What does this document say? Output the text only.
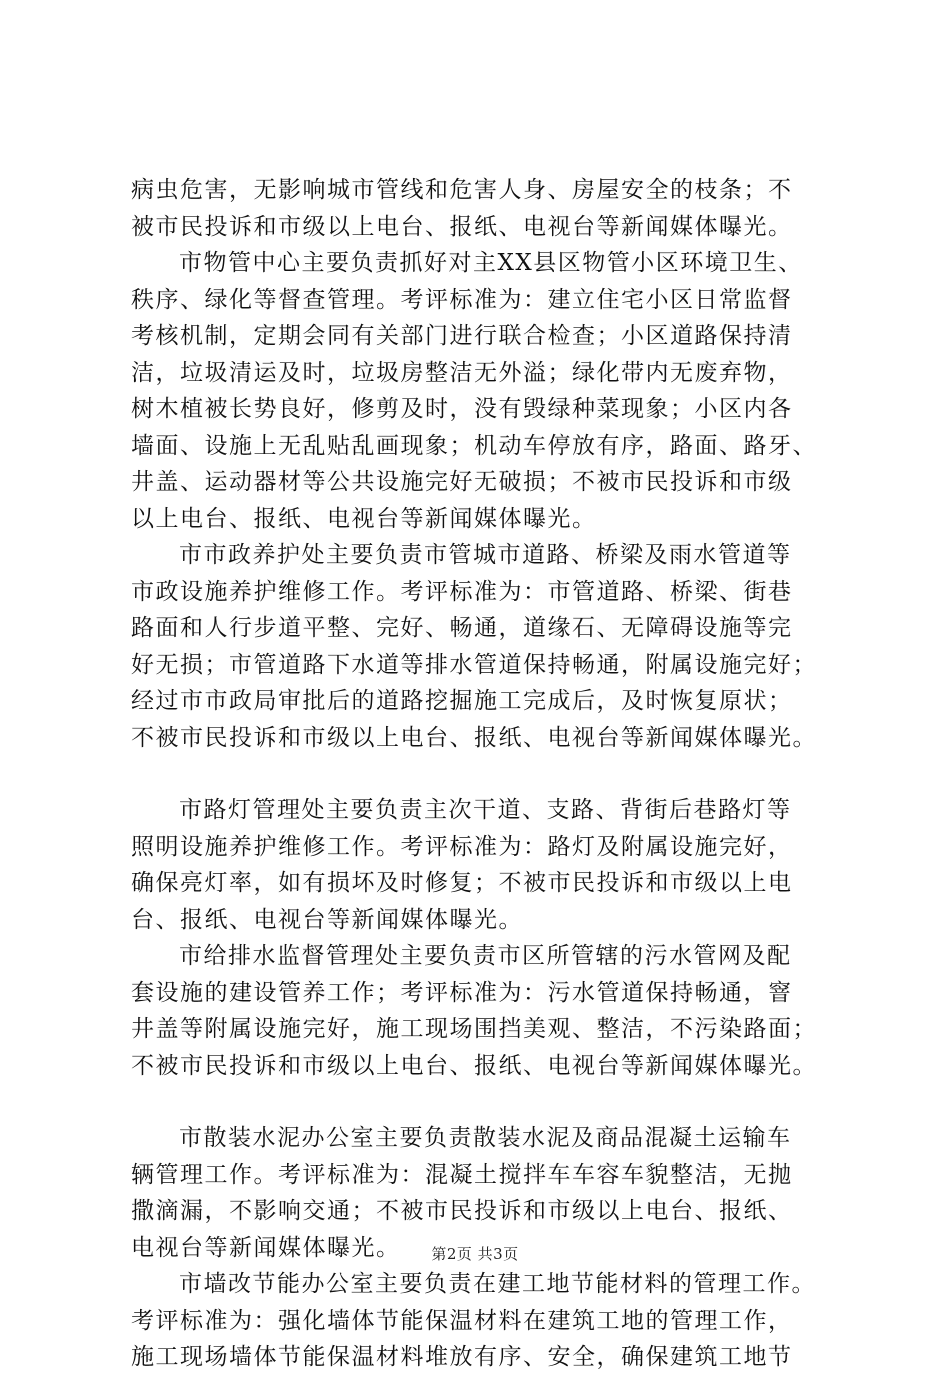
病虫危害，无影响城市管线和危害人身、房屋安全的枝条；不
被市民投诉和市级以上电台、报纸、电视台等新闻媒体曝光。
市物管中心主要负责抓好对主XX县区物管小区环境卫生、
秩序、绿化等督查管理。考评标准为：建立住宅小区日常监督
考核机制，定期会同有关部门进行联合检查；小区道路保持清
洁，垃圾清运及时，垃圾房整洁无外溢；绿化带内无废弃物，
树木植被长势良好，修剪及时，没有毁绿种菜现象；小区内各
墙面、设施上无乱贴乱画现象；机动车停放有序，路面、路牙、
井盖、运动器材等公共设施完好无破损；不被市民投诉和市级
以上电台、报纸、电视台等新闻媒体曝光。
市市政养护处主要负责市管城市道路、桥梁及雨水管道等
市政设施养护维修工作。考评标准为：市管道路、桥梁、街巷
路面和人行步道平整、完好、畅通，道缘石、无障碍设施等完
好无损；市管道路下水道等排水管道保持畅通，附属设施完好；
经过市市政局审批后的道路挖掘施工完成后，及时恢复原状；
不被市民投诉和市级以上电台、报纸、电视台等新闻媒体曝光。
市路灯管理处主要负责主次干道、支路、背街后巷路灯等
照明设施养护维修工作。考评标准为：路灯及附属设施完好，
确保亮灯率，如有损坏及时修复；不被市民投诉和市级以上电
台、报纸、电视台等新闻媒体曝光。
市给排水监督管理处主要负责市区所管辖的污水管网及配
套设施的建设管养工作；考评标准为：污水管道保持畅通，窨
井盖等附属设施完好，施工现场围挡美观、整洁，不污染路面；
不被市民投诉和市级以上电台、报纸、电视台等新闻媒体曝光。
市散装水泥办公室主要负责散装水泥及商品混凝土运输车
辆管理工作。考评标准为：混凝土搅拌车车容车貌整洁，无抛
撒滴漏，不影响交通；不被市民投诉和市级以上电台、报纸、
电视台等新闻媒体曝光。
市墙改节能办公室主要负责在建工地节能材料的管理工作。
考评标准为：强化墙体节能保温材料在建筑工地的管理工作，
施工现场墙体节能保温材料堆放有序、安全，确保建筑工地节
第2页 共3页
